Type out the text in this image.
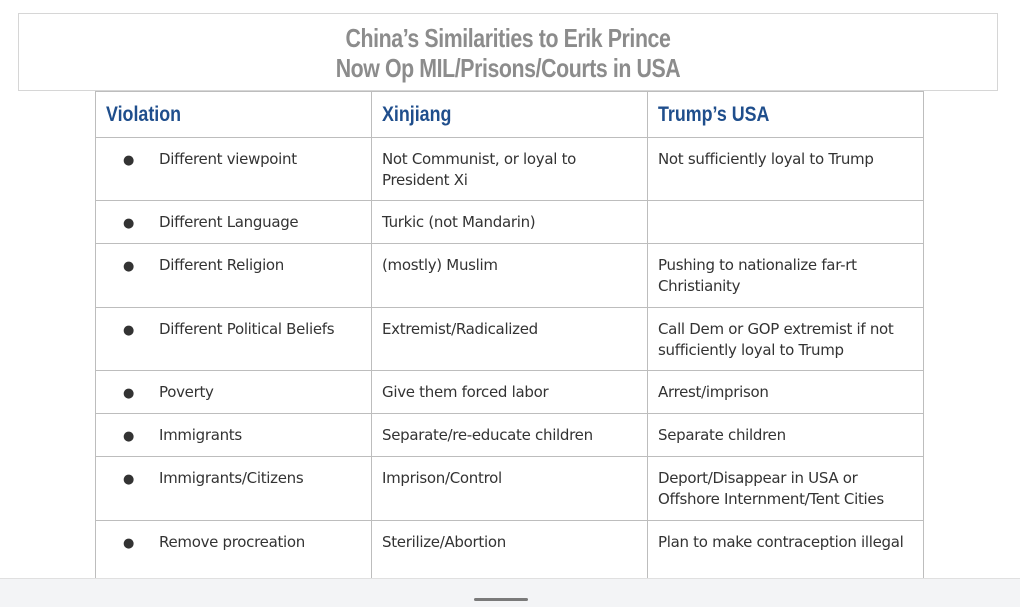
China’s Similarities to Erik Prince
Now Op MIL/Prisons/Courts in USA
Violation	Xinjiang	Trump’s USA
● Different viewpoint	Not Communist, or loyal to President Xi	Not sufficiently loyal to Trump
● Different Language	Turkic (not Mandarin)	
● Different Religion	(mostly) Muslim	Pushing to nationalize far-rt Christianity
● Different Political Beliefs	Extremist/Radicalized	Call Dem or GOP extremist if not sufficiently loyal to Trump
● Poverty	Give them forced labor	Arrest/imprison
● Immigrants	Separate/re-educate children	Separate children
● Immigrants/Citizens	Imprison/Control	Deport/Disappear in USA or Offshore Internment/Tent Cities
● Remove procreation	Sterilize/Abortion	Plan to make contraception illegal
